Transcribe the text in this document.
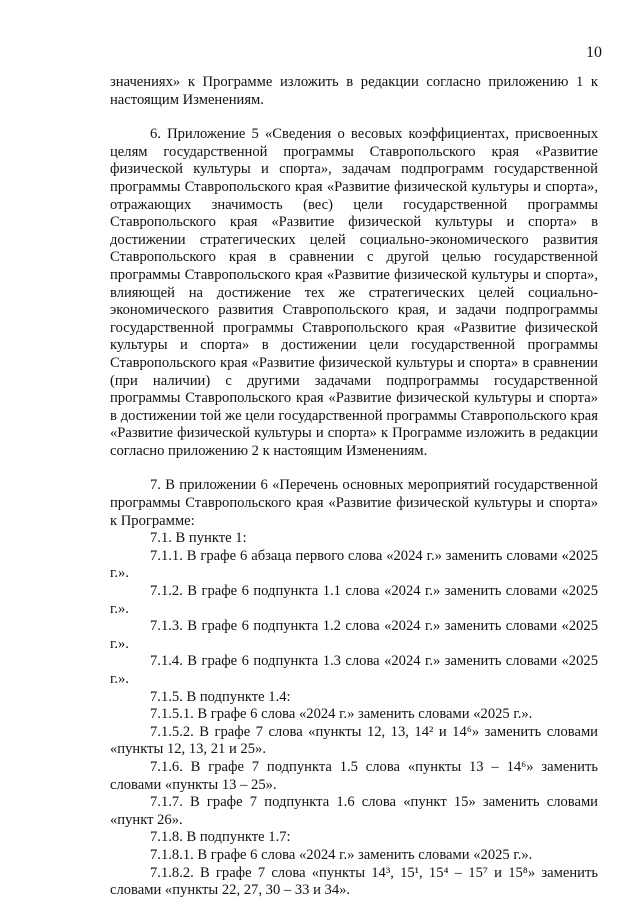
10

значениях» к Программе изложить в редакции согласно приложению 1 к настоящим Изменениям.

6. Приложение 5 «Сведения о весовых коэффициентах, присвоенных целям государственной программы Ставропольского края «Развитие физической культуры и спорта», задачам подпрограмм государственной программы Ставропольского края «Развитие физической культуры и спорта», отражающих значимость (вес) цели государственной программы Ставропольского края «Развитие физической культуры и спорта» в достижении стратегических целей социально-экономического развития Ставропольского края в сравнении с другой целью государственной программы Ставропольского края «Развитие физической культуры и спорта», влияющей на достижение тех же стратегических целей социально-экономического развития Ставропольского края, и задачи подпрограммы государственной программы Ставропольского края «Развитие физической культуры и спорта» в достижении цели государственной программы Ставропольского края «Развитие физической культуры и спорта» в сравнении (при наличии) с другими задачами подпрограммы государственной программы Ставропольского края «Развитие физической культуры и спорта» в достижении той же цели государственной программы Ставропольского края «Развитие физической культуры и спорта» к Программе изложить в редакции согласно приложению 2 к настоящим Изменениям.

7. В приложении 6 «Перечень основных мероприятий государственной программы Ставропольского края «Развитие физической культуры и спорта» к Программе:

7.1. В пункте 1:

7.1.1. В графе 6 абзаца первого слова «2024 г.» заменить словами «2025 г.».

7.1.2. В графе 6 подпункта 1.1 слова «2024 г.» заменить словами «2025 г.».

7.1.3. В графе 6 подпункта 1.2 слова «2024 г.» заменить словами «2025 г.».

7.1.4. В графе 6 подпункта 1.3 слова «2024 г.» заменить словами «2025 г.».

7.1.5. В подпункте 1.4:

7.1.5.1. В графе 6 слова «2024 г.» заменить словами «2025 г.».

7.1.5.2. В графе 7 слова «пункты 12, 13, 14² и 14⁶» заменить словами «пункты 12, 13, 21 и 25».

7.1.6. В графе 7 подпункта 1.5 слова «пункты 13 – 14⁶» заменить словами «пункты 13 – 25».

7.1.7. В графе 7 подпункта 1.6 слова «пункт 15» заменить словами «пункт 26».

7.1.8. В подпункте 1.7:

7.1.8.1. В графе 6 слова «2024 г.» заменить словами «2025 г.».

7.1.8.2. В графе 7 слова «пункты 14³, 15¹, 15⁴ – 15⁷ и 15⁸» заменить словами «пункты 22, 27, 30 – 33 и 34».
